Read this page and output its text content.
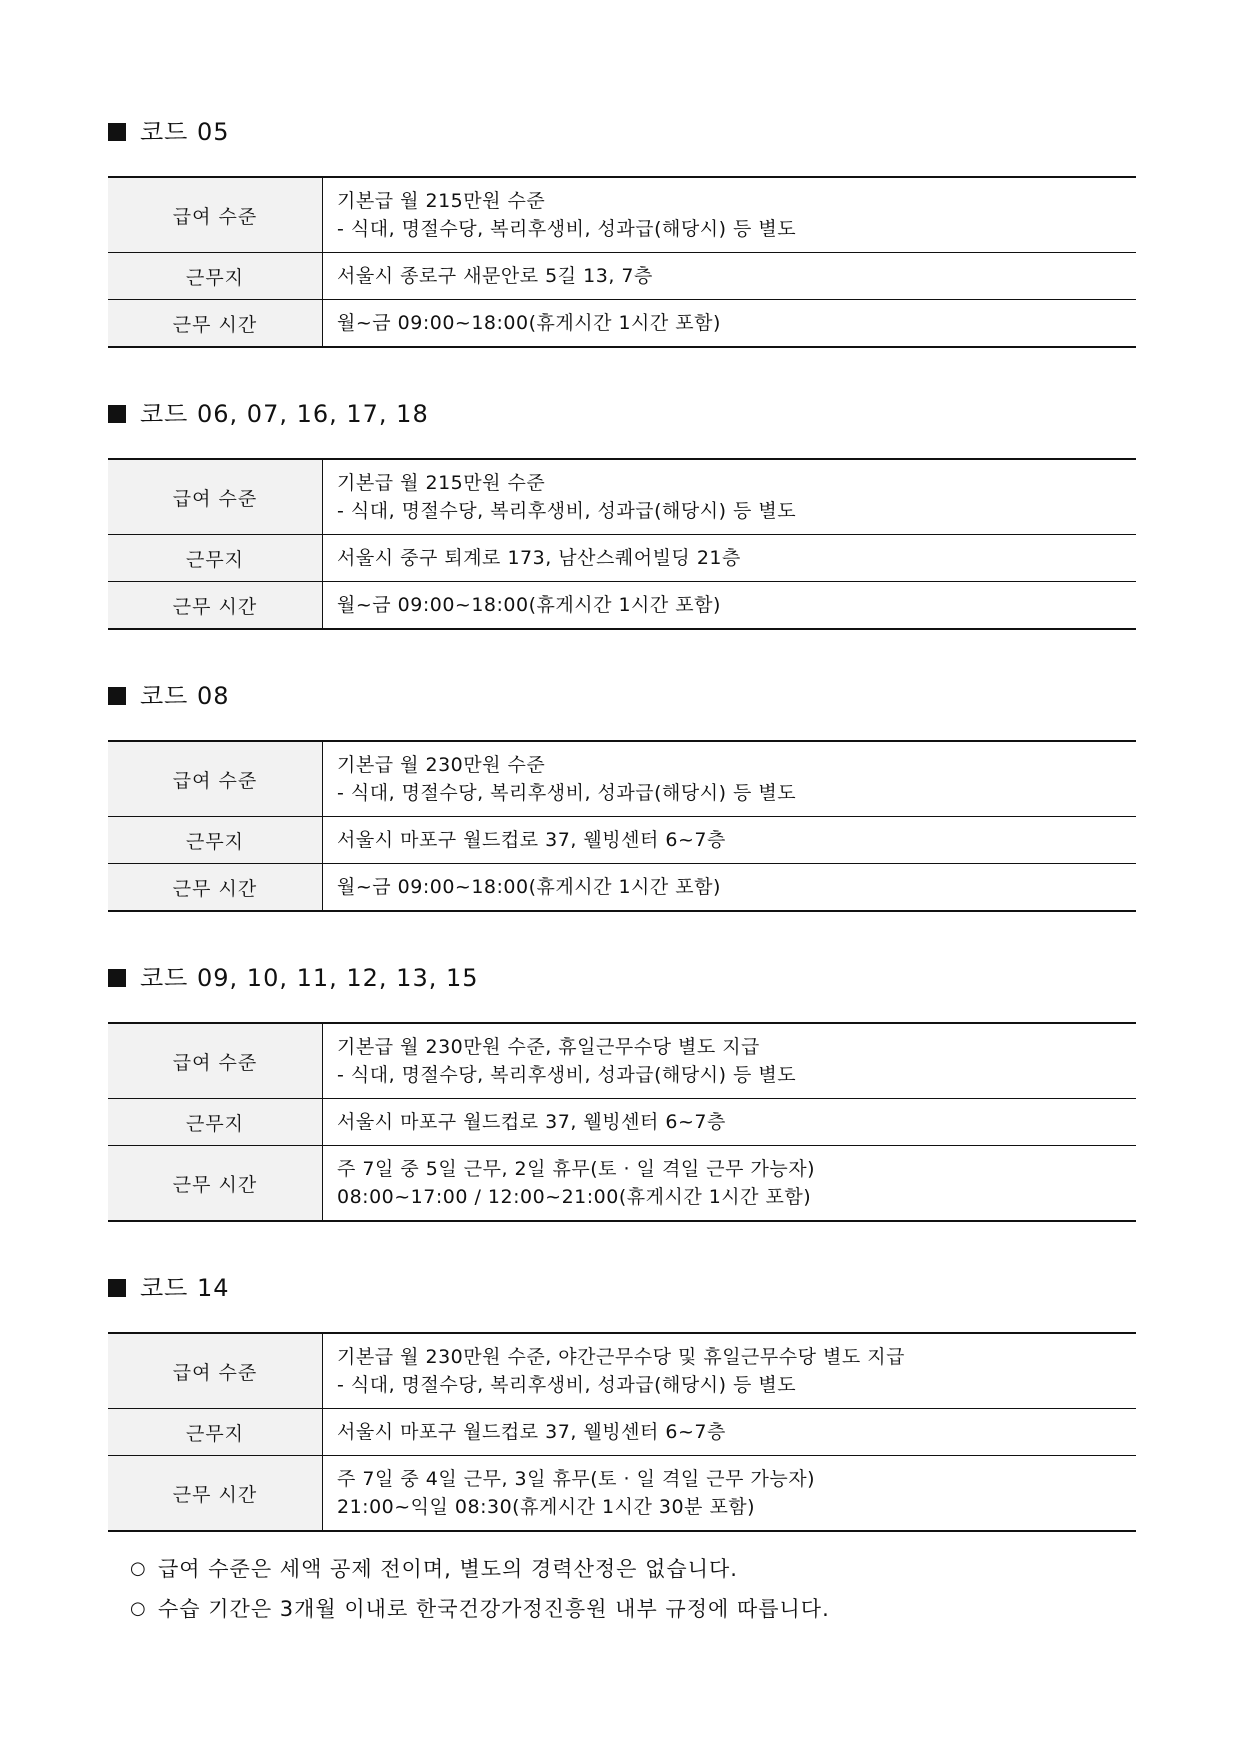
코드 05
급여 수준	기본급 월 215만원 수준
- 식대, 명절수당, 복리후생비, 성과급(해당시) 등 별도

근무지	서울시 종로구 새문안로 5길 13, 7층
근무 시간	월~금 09:00~18:00(휴게시간 1시간 포함)
코드 06, 07, 16, 17, 18
급여 수준	기본급 월 215만원 수준
- 식대, 명절수당, 복리후생비, 성과급(해당시) 등 별도

근무지	서울시 중구 퇴계로 173, 남산스퀘어빌딩 21층
근무 시간	월~금 09:00~18:00(휴게시간 1시간 포함)
코드 08
급여 수준	기본급 월 230만원 수준
- 식대, 명절수당, 복리후생비, 성과급(해당시) 등 별도

근무지	서울시 마포구 월드컵로 37, 웰빙센터 6~7층
근무 시간	월~금 09:00~18:00(휴게시간 1시간 포함)
코드 09, 10, 11, 12, 13, 15
급여 수준	기본급 월 230만원 수준, 휴일근무수당 별도 지급
- 식대, 명절수당, 복리후생비, 성과급(해당시) 등 별도

근무지	서울시 마포구 월드컵로 37, 웰빙센터 6~7층
근무 시간	주 7일 중 5일 근무, 2일 휴무(토 · 일 격일 근무 가능자)
08:00~17:00 / 12:00~21:00(휴게시간 1시간 포함)
코드 14
급여 수준	기본급 월 230만원 수준, 야간근무수당 및 휴일근무수당 별도 지급
- 식대, 명절수당, 복리후생비, 성과급(해당시) 등 별도

근무지	서울시 마포구 월드컵로 37, 웰빙센터 6~7층
근무 시간	주 7일 중 4일 근무, 3일 휴무(토 · 일 격일 근무 가능자)
21:00~익일 08:30(휴게시간 1시간 30분 포함)
○ 급여 수준은 세액 공제 전이며, 별도의 경력산정은 없습니다.
○ 수습 기간은 3개월 이내로 한국건강가정진흥원 내부 규정에 따릅니다.
